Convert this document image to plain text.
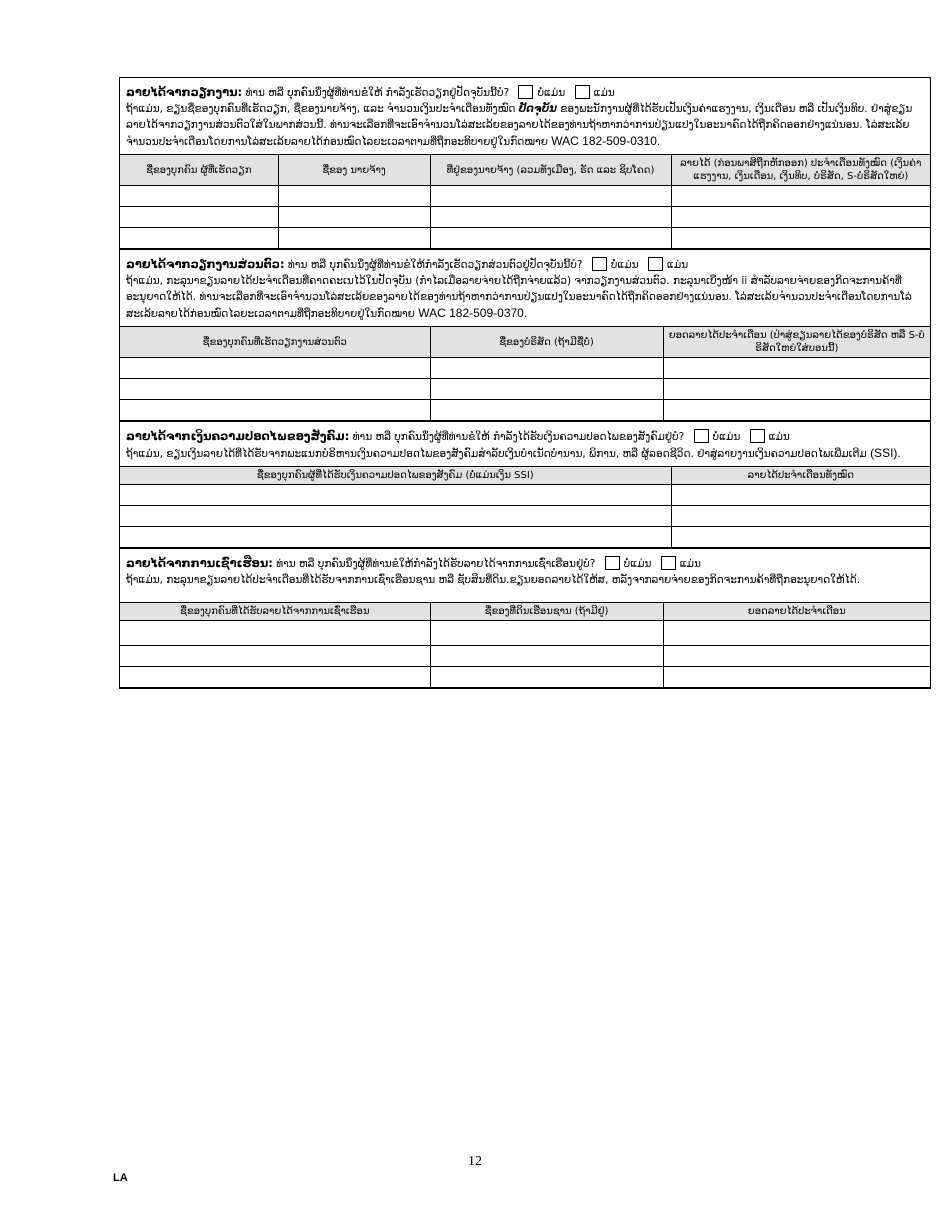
ລາຍໄດ້ຈາກວຽກງານ: ທ່ານ ຫລື ບຸກຄົນນຶ່ງຜູ້ທີ່ທ່ານຂໍໃຫ້ ກຳລັງເຮັດວຽກຢູ່ປັດຈຸບັນນີ້ບໍ?	ບໍ່ແມ່ນ	ແມ່ນ
ຖ້າແມ່ນ, ຂຽນຊື່ຂອງບຸກຄົນທີ່ເຮັດວຽກ, ຊື່ຂອງນາຍຈ້າງ, ແລະ ຈຳນວນເງິນປະຈຳເດືອນທັງໝົດ ປັດຈຸບັນ ຂອງພະນັກງານຜູ້ທີ່ໄດ້ຮັບເປັນເງິນຄ່າແຮງງານ, ເງິນເດືອນ ຫລື ເປັນເງິນທິບ. ຢ່າສູ່ຂຽນລາຍໄດ້ຈາກວຽກງານສ່ວນຕົວໃສ່ໃນພາກສ່ວນນີ້. ທ່ານຈະເລືອກທີ່ຈະເອົາຈຳນວນໂລ່ສະເລ້ຍຂອງລາຍໄດ້ຂອງທ່ານຖ້າຫາກວ່າການປ່ຽນແປງໃນອະນາຄົດໄດ້ຖືກຄິດອອກຢ່າງແນ່ນອນ. ໂລ່ສະເລ້ຍຈຳນວນປະຈຳເດືອນໂດຍການໂລ່ສະເລ້ຍລາຍໄດ້ກ່ອນໝົດໄລຍະເວລາຕາມທີ່ຖືກອະທິບາຍຢູ່ໃນກົດໝາຍ WAC 182-509-0310.
ຊື່ຂອງບຸກຄົນ ຜູ້ທີ່ເຮັດວຽກ	ຊື່ຂອງ ນາຍຈ້າງ	ທີ່ຢູ່ຂອງນາຍຈ້າງ (ລວມທັງເມືອງ, ຣັດ ແລະ ຊິບໂຄດ)	ລາຍໄດ້ (ກ່ອນພາສີຖືກຫັກອອກ) ປະຈຳເດືອນທັງໝົດ (ເງິນຄ່າແຮງງານ, ເງິນເດືອນ, ເງິນທິບ, ບໍຣິສັດ, S-ບໍຣິສັດໃຫຍ່)

ລາຍໄດ້ຈາກວຽກງານສ່ວນຕົວ: ທ່ານ ຫລື ບຸກຄົນນຶ່ງຜູ້ທີ່ທ່ານຂໍໃຫ້ກຳລັງເຮັດວຽກສ່ວນຕົວຢູ່ປັດຈຸບັນນີ້ບໍ?	ບໍ່ແມ່ນ	ແມ່ນ
ຖ້າແມ່ນ, ກະລຸນາຂຽນລາຍໄດ້ປະຈຳເດືອນທີ່ຄາດຄະເນໄວ້ໃນປັດຈຸບັນ (ກຳໄລເມື່ອລາຍຈ່າຍໄດ້ຖືກຈ່າຍແລ້ວ) ຈາກວຽກງານສ່ວນຕົວ. ກະລຸນາເບິ່ງໜ້າ ii ສຳລັບລາຍຈ່າຍຂອງກິດຈະການຄ້າທີ່ອະນຸຍາດໃຫ້ໄດ້. ທ່ານຈະເລືອກທີ່ຈະເອົາຈຳນວນໂລ່ສະເລ້ຍຂອງລາຍໄດ້ຂອງທ່ານຖ້າຫາກວ່າການປ່ຽນແປງໃນອະນາຄົດໄດ້ຖືກຄິດອອກຢ່າງແນ່ນອນ. ໂລ່ສະເລ້ຍຈຳນວນປະຈຳເດືອນໂດຍການໂລ່ສະເລ້ຍລາຍໄດ້ກ່ອນໝົດໄລຍະເວລາຕາມທີ່ຖືກອະທິບາຍຢູ່ໃນກົດໝາຍ WAC 182-509-0370.
ຊື່ຂອງບຸກຄົນທີ່ເຮັດວຽກງານສ່ວນຕົວ	ຊື່ຂອງບໍຣິສັດ (ຖ້າມີຊື່ບໍ່)	ຍອດລາຍໄດ້ປະຈຳເດືອນ (ປ່າສູ່ຂຽນລາຍໄດ້ຂອງບໍຣິສັດ ຫລື S-ບໍຣິສັດໃຫຍ່ໃສ່ບອນນີ້)

ລາຍໄດ້ຈາກເງິນຄວາມປອດໄພຂອງສັງຄົມ: ທ່ານ ຫລື ບຸກຄົນນຶ່ງຜູ້ທີ່ທ່ານຂໍໃຫ້ ກຳລັງໄດ້ຮັບເງິນຄວາມປອດໄພຂອງສັງຄົມຢູ່ບໍ?	ບໍ່ແມ່ນ	ແມ່ນ
ຖ້າແມ່ນ, ຂຽນເງິນລາຍໄດ້ທີ່ໄດ້ຮັບຈາກພະແນກບໍຣິຫານເງິນຄວາມປອດໄພຂອງສັງຄົມສຳລັບເງິນບຳເນັດບຳນານ, ພິການ, ຫລື ຜູ້ລອດຊີວິດ. ຢ່າສູ່ລາຍງານເງິນຄວາມປອດໄພເພີ່ມເຕີມ (SSI).
ຊື່ຂອງບຸກຄົນຜູ້ທີ່ໄດ້ຮັບເງິນຄວາມປອດໄພຂອງສັງຄົມ (ບໍ່ແມ່ນເງິນ SSI)	ລາຍໄດ້ປະຈຳເດືອນທັງໝົດ

ລາຍໄດ້ຈາກການເຊົ່າເຮືອນ: ທ່ານ ຫລື ບຸກຄົນນຶ່ງຜູ້ທີ່ທ່ານຂໍໃຫ້ກຳລັງໄດ້ຮັບລາຍໄດ້ຈາກການເຊົ່າເຮືອນຢູ່ບໍ?	ບໍ່ແມ່ນ	ແມ່ນ
ຖ້າແມ່ນ, ກະລຸນາຂຽນລາຍໄດ້ປະຈຳເດືອນທີ່ໄດ້ຮັບຈາກການເຊົ່າເຮືອນຊານ ຫລື ຊັບສິນທີ່ດິນ.ຂຽນຍອດລາຍໄດ້ໃຫ້ສ, ຫລັງຈາກລາຍຈ່າຍຂອງກິດຈະການຄ້າທີ່ຖືກອະນຸຍາດໃຫ້ໄດ້.
ຊື່ຂອງບຸກຄົນທີ່ໄດ້ຮັບລາຍໄດ້ຈາກການເຊົ່າເຮືອນ	ຊື່ຂອງທີ່ດິນເຮືອນຊານ (ຖ້າມີຢູ່)	ຍອດລາຍໄດ້ປະຈຳເດືອນ

12
LA
